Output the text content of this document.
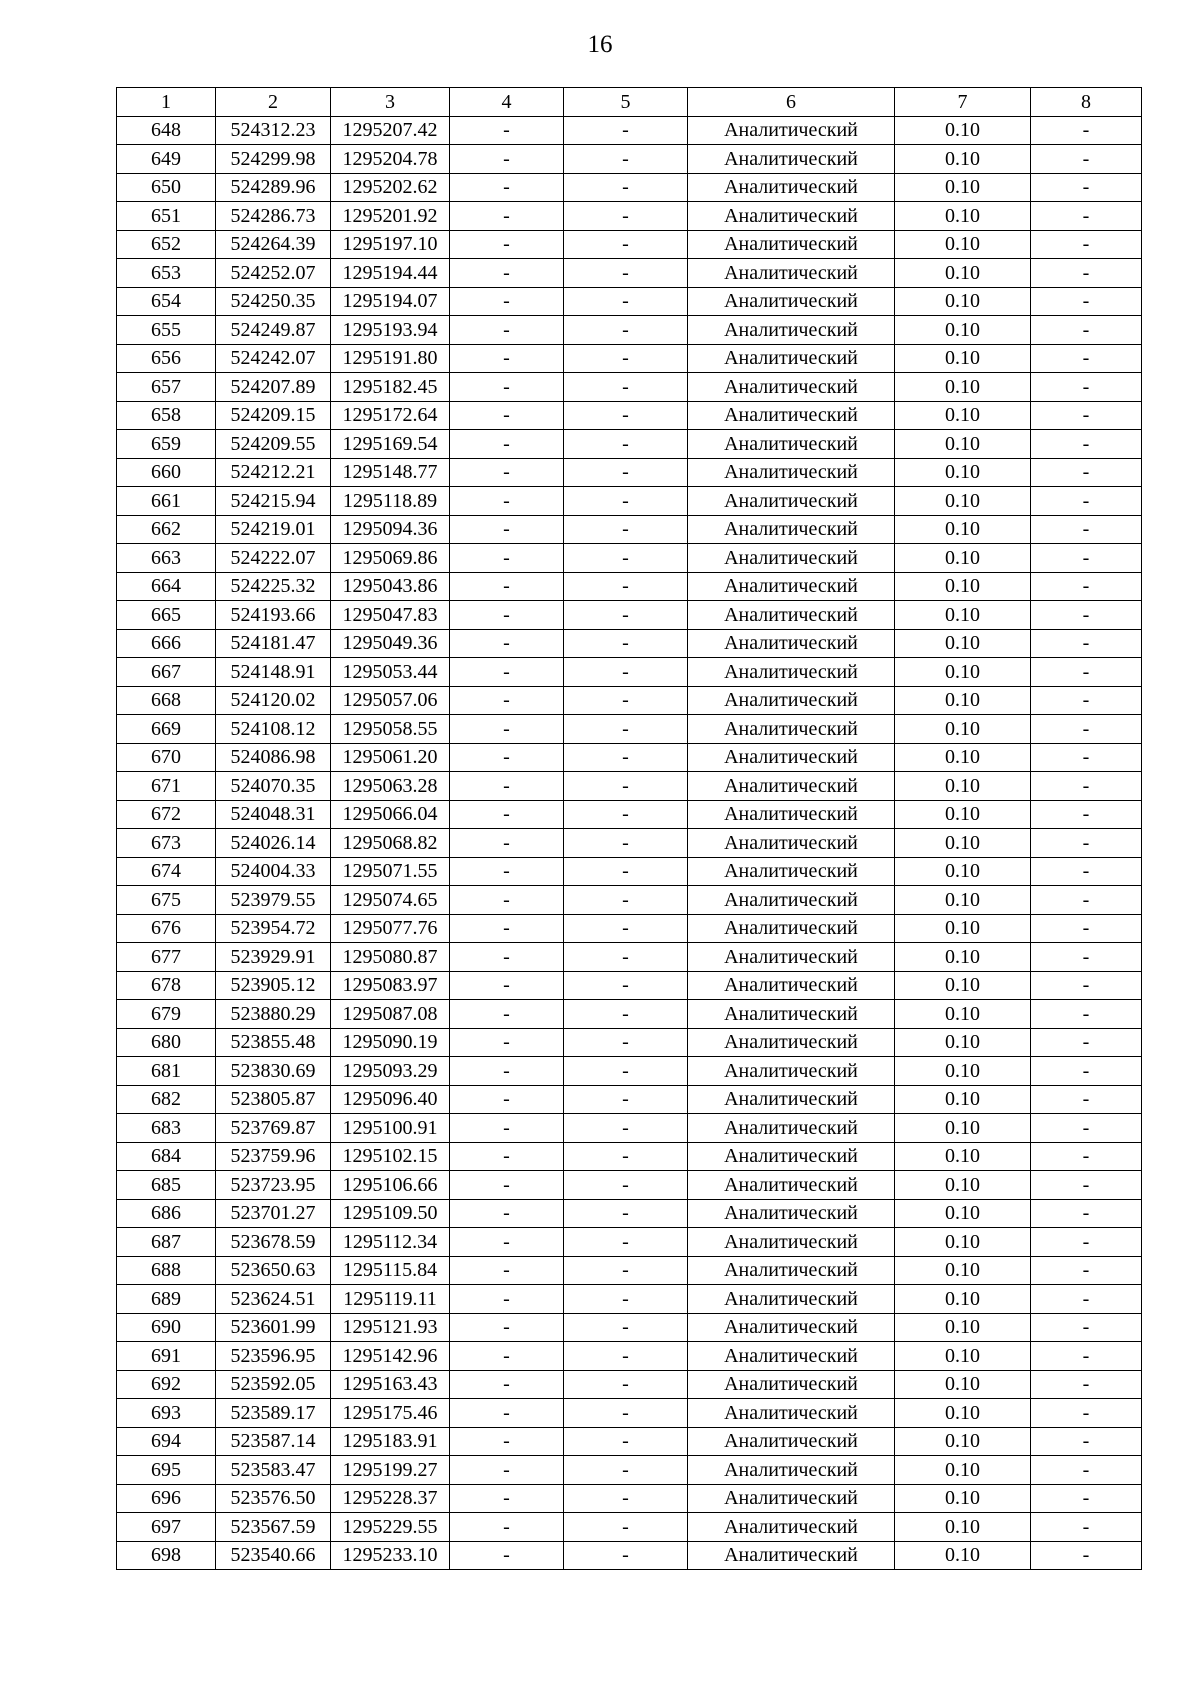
16
1	2	3	4	5	6	7	8
648	524312.23	1295207.42	-	-	Аналитический	0.10	-
649	524299.98	1295204.78	-	-	Аналитический	0.10	-
650	524289.96	1295202.62	-	-	Аналитический	0.10	-
651	524286.73	1295201.92	-	-	Аналитический	0.10	-
652	524264.39	1295197.10	-	-	Аналитический	0.10	-
653	524252.07	1295194.44	-	-	Аналитический	0.10	-
654	524250.35	1295194.07	-	-	Аналитический	0.10	-
655	524249.87	1295193.94	-	-	Аналитический	0.10	-
656	524242.07	1295191.80	-	-	Аналитический	0.10	-
657	524207.89	1295182.45	-	-	Аналитический	0.10	-
658	524209.15	1295172.64	-	-	Аналитический	0.10	-
659	524209.55	1295169.54	-	-	Аналитический	0.10	-
660	524212.21	1295148.77	-	-	Аналитический	0.10	-
661	524215.94	1295118.89	-	-	Аналитический	0.10	-
662	524219.01	1295094.36	-	-	Аналитический	0.10	-
663	524222.07	1295069.86	-	-	Аналитический	0.10	-
664	524225.32	1295043.86	-	-	Аналитический	0.10	-
665	524193.66	1295047.83	-	-	Аналитический	0.10	-
666	524181.47	1295049.36	-	-	Аналитический	0.10	-
667	524148.91	1295053.44	-	-	Аналитический	0.10	-
668	524120.02	1295057.06	-	-	Аналитический	0.10	-
669	524108.12	1295058.55	-	-	Аналитический	0.10	-
670	524086.98	1295061.20	-	-	Аналитический	0.10	-
671	524070.35	1295063.28	-	-	Аналитический	0.10	-
672	524048.31	1295066.04	-	-	Аналитический	0.10	-
673	524026.14	1295068.82	-	-	Аналитический	0.10	-
674	524004.33	1295071.55	-	-	Аналитический	0.10	-
675	523979.55	1295074.65	-	-	Аналитический	0.10	-
676	523954.72	1295077.76	-	-	Аналитический	0.10	-
677	523929.91	1295080.87	-	-	Аналитический	0.10	-
678	523905.12	1295083.97	-	-	Аналитический	0.10	-
679	523880.29	1295087.08	-	-	Аналитический	0.10	-
680	523855.48	1295090.19	-	-	Аналитический	0.10	-
681	523830.69	1295093.29	-	-	Аналитический	0.10	-
682	523805.87	1295096.40	-	-	Аналитический	0.10	-
683	523769.87	1295100.91	-	-	Аналитический	0.10	-
684	523759.96	1295102.15	-	-	Аналитический	0.10	-
685	523723.95	1295106.66	-	-	Аналитический	0.10	-
686	523701.27	1295109.50	-	-	Аналитический	0.10	-
687	523678.59	1295112.34	-	-	Аналитический	0.10	-
688	523650.63	1295115.84	-	-	Аналитический	0.10	-
689	523624.51	1295119.11	-	-	Аналитический	0.10	-
690	523601.99	1295121.93	-	-	Аналитический	0.10	-
691	523596.95	1295142.96	-	-	Аналитический	0.10	-
692	523592.05	1295163.43	-	-	Аналитический	0.10	-
693	523589.17	1295175.46	-	-	Аналитический	0.10	-
694	523587.14	1295183.91	-	-	Аналитический	0.10	-
695	523583.47	1295199.27	-	-	Аналитический	0.10	-
696	523576.50	1295228.37	-	-	Аналитический	0.10	-
697	523567.59	1295229.55	-	-	Аналитический	0.10	-
698	523540.66	1295233.10	-	-	Аналитический	0.10	-
